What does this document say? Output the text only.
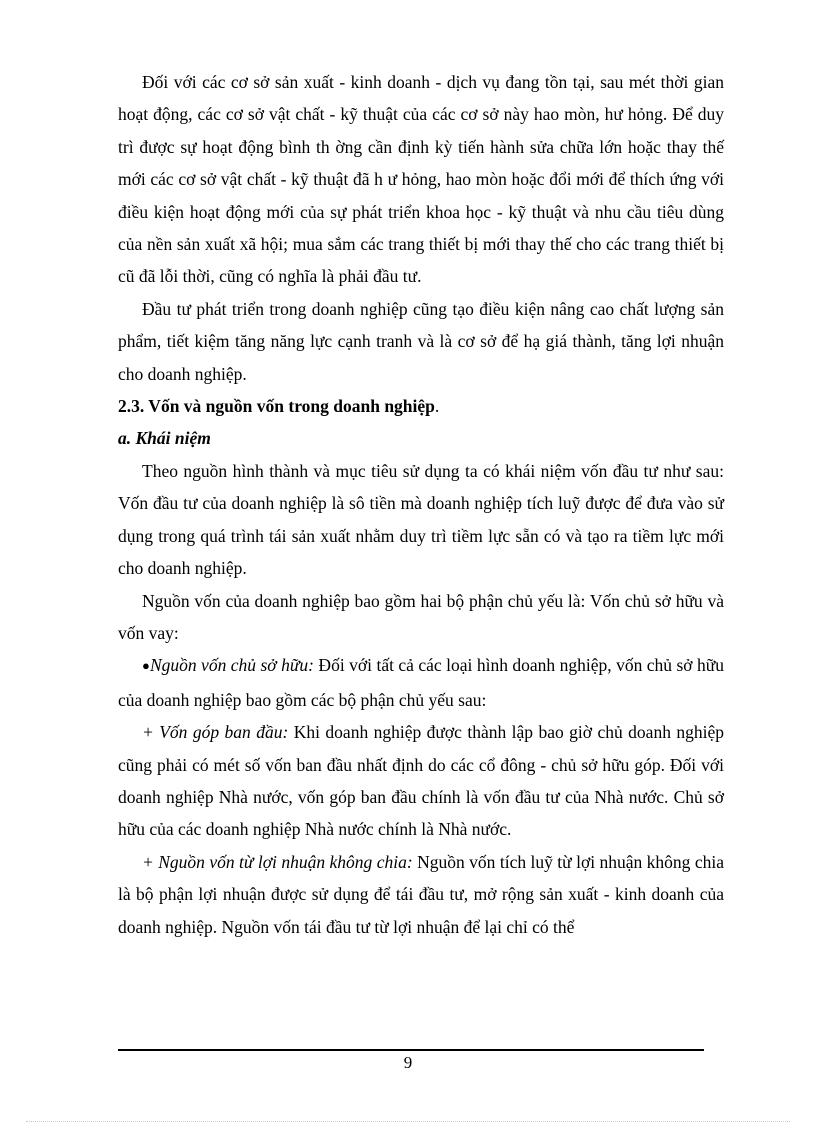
Đối với các cơ sở sản xuất - kinh doanh - dịch vụ đang tồn tại, sau mét thời gian hoạt động, các cơ sở vật chất - kỹ thuật của các cơ sở này hao mòn, hư hỏng. Để duy trì được sự hoạt động bình th ờng cần định kỳ tiến hành sửa chữa lớn hoặc thay thế mới các cơ sở vật chất - kỹ thuật đã h ư hỏng, hao mòn hoặc đổi mới để thích ứng với điều kiện hoạt động mới của sự phát triển khoa học - kỹ thuật và nhu cầu tiêu dùng của nền sản xuất xã hội; mua sắm các trang thiết bị mới thay thế cho các trang thiết bị cũ đã lỗi thời, cũng có nghĩa là phải đầu tư.

Đầu tư phát triển trong doanh nghiệp cũng tạo điều kiện nâng cao chất lượng sản phẩm, tiết kiệm tăng năng lực cạnh tranh và là cơ sở để hạ giá thành, tăng lợi nhuận cho doanh nghiệp.

2.3. Vốn và nguồn vốn trong doanh nghiệp.

a. Khái niệm

Theo nguồn hình thành và mục tiêu sử dụng ta có khái niệm vốn đầu tư như sau: Vốn đầu tư của doanh nghiệp là sô tiền mà doanh nghiệp tích luỹ được để đưa vào sử dụng trong quá trình tái sản xuất nhằm duy trì tiềm lực sẵn có và tạo ra tiềm lực mới cho doanh nghiệp.

Nguồn vốn của doanh nghiệp bao gồm hai bộ phận chủ yếu là: Vốn chủ sở hữu và vốn vay:

●Nguồn vốn chủ sở hữu: Đối với tất cả các loại hình doanh nghiệp, vốn chủ sở hữu của doanh nghiệp bao gồm các bộ phận chủ yếu sau:

+ Vốn góp ban đầu: Khi doanh nghiệp được thành lập bao giờ chủ doanh nghiệp cũng phải có mét số vốn ban đầu nhất định do các cổ đông - chủ sở hữu góp. Đối với doanh nghiệp Nhà nước, vốn góp ban đầu chính là vốn đầu tư của Nhà nước. Chủ sở hữu của các doanh nghiệp Nhà nước chính là Nhà nước.

+ Nguồn vốn từ lợi nhuận không chia: Nguồn vốn tích luỹ từ lợi nhuận không chia là bộ phận lợi nhuận được sử dụng để tái đầu tư, mở rộng sản xuất - kinh doanh của doanh nghiệp. Nguồn vốn tái đầu tư từ lợi nhuận để lại chỉ có thể

9
